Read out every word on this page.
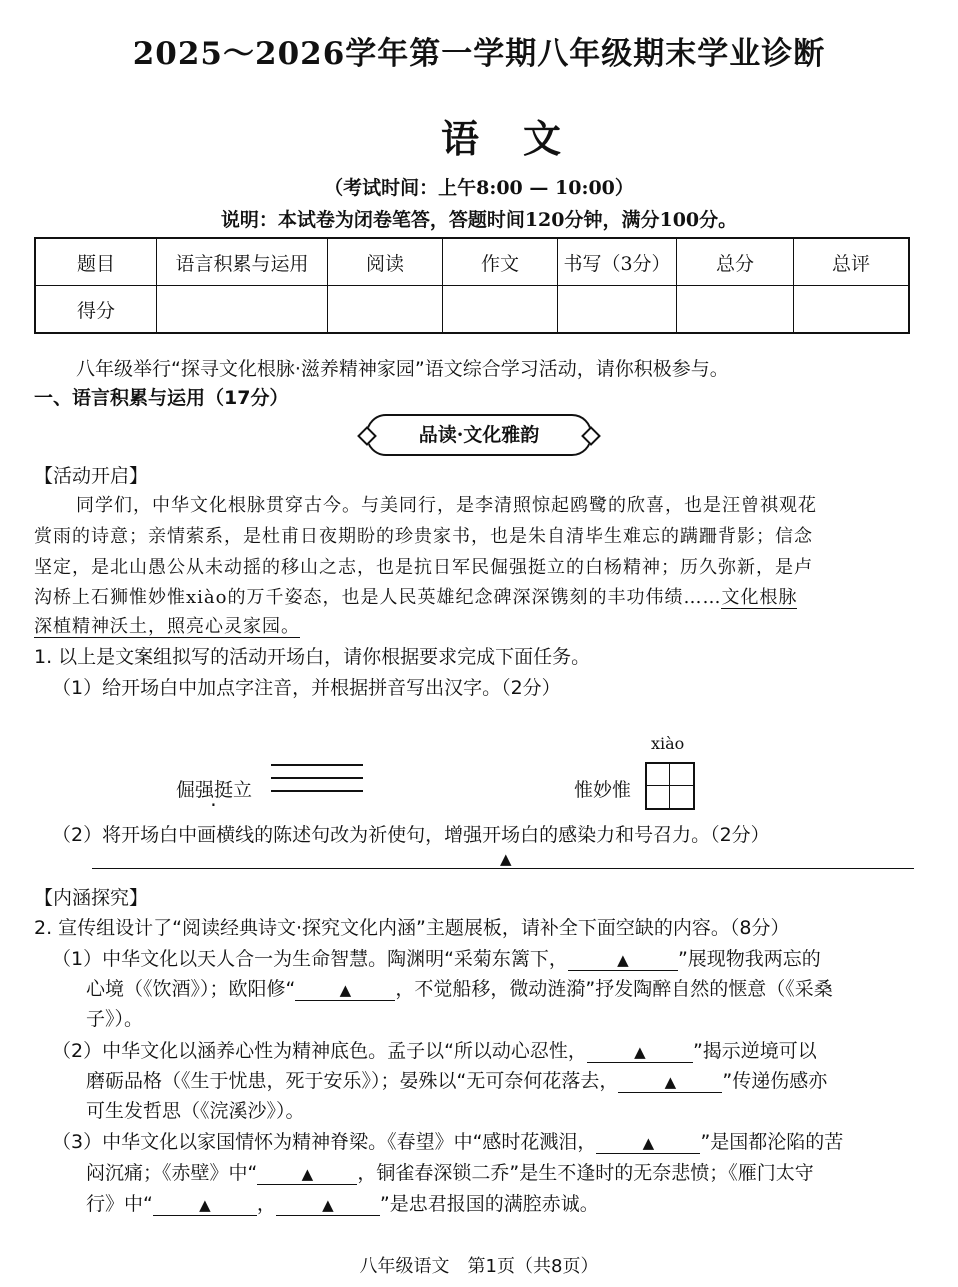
2025～2026学年第一学期八年级期末学业诊断
语文
（考试时间：上午8:00 — 10:00）
说明：本试卷为闭卷笔答，答题时间120分钟，满分100分。
题目	语言积累与运用	阅读	作文	书写（3分）	总分	总评
得分						
八年级举行“探寻文化根脉·滋养精神家园”语文综合学习活动，请你积极参与。
一、语言积累与运用（17分）
品读·文化雅韵
【活动开启】
同学们，中华文化根脉贯穿古今。与美同行，是李清照惊起鸥鹭的欣喜，也是汪曾祺观花
赏雨的诗意；亲情萦系，是杜甫日夜期盼的珍贵家书，也是朱自清毕生难忘的蹒跚背影；信念
坚定，是北山愚公从未动摇的移山之志，也是抗日军民倔强挺立的白杨精神；历久弥新，是卢
沟桥上石狮惟妙惟xiào的万千姿态，也是人民英雄纪念碑深深镌刻的丰功伟绩……文化根脉
深植精神沃土，照亮心灵家园。
1. 以上是文案组拟写的活动开场白，请你根据要求完成下面任务。
（1）给开场白中加点字注音，并根据拼音写出汉字。（2分）
倔强挺立
xiào
惟妙惟
（2）将开场白中画横线的陈述句改为祈使句，增强开场白的感染力和号召力。（2分）
▲
【内涵探究】
2. 宣传组设计了“阅读经典诗文·探究文化内涵”主题展板，请补全下面空缺的内容。（8分）
（1）中华文化以天人合一为生命智慧。陶渊明“采菊东篱下，	▲	”展现物我两忘的
心境（《饮酒》）；欧阳修“	▲ ，不觉船移，微动涟漪”抒发陶醉自然的惬意（《采桑
子》）。
（2）中华文化以涵养心性为精神底色。孟子以“所以动心忍性，	▲ ”揭示逆境可以
磨砺品格（《生于忧患，死于安乐》）；晏殊以“无可奈何花落去，	▲ ”传递伤感亦
可生发哲思（《浣溪沙》）。
（3）中华文化以家国情怀为精神脊梁。《春望》中“感时花溅泪，	▲ ”是国都沦陷的苦
闷沉痛；《赤壁》中“	▲ ，铜雀春深锁二乔”是生不逢时的无奈悲愤；《雁门太守
行》中“	▲ ，	▲ ”是忠君报国的满腔赤诚。
八年级语文　第1页（共8页）
